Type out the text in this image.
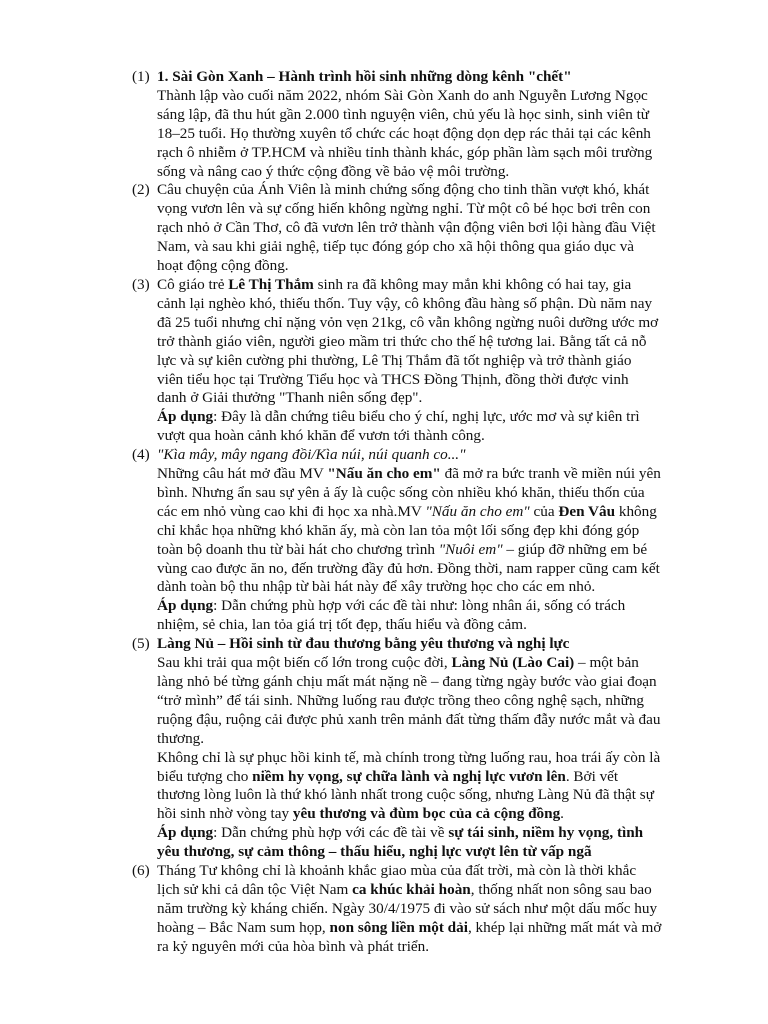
(1) 1. Sài Gòn Xanh – Hành trình hồi sinh những dòng kênh "chết"
Thành lập vào cuối năm 2022, nhóm Sài Gòn Xanh do anh Nguyễn Lương Ngọc
sáng lập, đã thu hút gần 2.000 tình nguyện viên, chủ yếu là học sinh, sinh viên từ
18–25 tuổi. Họ thường xuyên tổ chức các hoạt động dọn dẹp rác thải tại các kênh
rạch ô nhiễm ở TP.HCM và nhiều tỉnh thành khác, góp phần làm sạch môi trường
sống và nâng cao ý thức cộng đồng về bảo vệ môi trường.
(2) Câu chuyện của Ánh Viên là minh chứng sống động cho tinh thần vượt khó, khát
vọng vươn lên và sự cống hiến không ngừng nghỉ. Từ một cô bé học bơi trên con
rạch nhỏ ở Cần Thơ, cô đã vươn lên trở thành vận động viên bơi lội hàng đầu Việt
Nam, và sau khi giải nghệ, tiếp tục đóng góp cho xã hội thông qua giáo dục và
hoạt động cộng đồng.
(3) Cô giáo trẻ Lê Thị Thắm sinh ra đã không may mắn khi không có hai tay, gia
cảnh lại nghèo khó, thiếu thốn. Tuy vậy, cô không đầu hàng số phận. Dù năm nay
đã 25 tuổi nhưng chỉ nặng vỏn vẹn 21kg, cô vẫn không ngừng nuôi dưỡng ước mơ
trở thành giáo viên, người gieo mầm tri thức cho thế hệ tương lai. Bằng tất cả nỗ
lực và sự kiên cường phi thường, Lê Thị Thắm đã tốt nghiệp và trở thành giáo
viên tiểu học tại Trường Tiểu học và THCS Đồng Thịnh, đồng thời được vinh
danh ở Giải thưởng "Thanh niên sống đẹp".
Áp dụng: Đây là dẫn chứng tiêu biểu cho ý chí, nghị lực, ước mơ và sự kiên trì
vượt qua hoàn cảnh khó khăn để vươn tới thành công.
(4) "Kìa mây, mây ngang đồi/Kìa núi, núi quanh co..."
Những câu hát mở đầu MV "Nấu ăn cho em" đã mở ra bức tranh về miền núi yên
bình. Nhưng ẩn sau sự yên ả ấy là cuộc sống còn nhiều khó khăn, thiếu thốn của
các em nhỏ vùng cao khi đi học xa nhà.MV "Nấu ăn cho em" của Đen Vâu không
chỉ khắc họa những khó khăn ấy, mà còn lan tỏa một lối sống đẹp khi đóng góp
toàn bộ doanh thu từ bài hát cho chương trình "Nuôi em" – giúp đỡ những em bé
vùng cao được ăn no, đến trường đầy đủ hơn. Đồng thời, nam rapper cũng cam kết
dành toàn bộ thu nhập từ bài hát này để xây trường học cho các em nhỏ.
Áp dụng: Dẫn chứng phù hợp với các đề tài như: lòng nhân ái, sống có trách
nhiệm, sẻ chia, lan tỏa giá trị tốt đẹp, thấu hiểu và đồng cảm.
(5) Làng Nủ – Hồi sinh từ đau thương bằng yêu thương và nghị lực
Sau khi trải qua một biến cố lớn trong cuộc đời, Làng Nủ (Lào Cai) – một bản
làng nhỏ bé từng gánh chịu mất mát nặng nề – đang từng ngày bước vào giai đoạn
“trở mình” để tái sinh. Những luống rau được trồng theo công nghệ sạch, những
ruộng đậu, ruộng cải được phủ xanh trên mảnh đất từng thấm đẫy nước mắt và đau
thương.
Không chỉ là sự phục hồi kinh tế, mà chính trong từng luống rau, hoa trái ấy còn là
biểu tượng cho niềm hy vọng, sự chữa lành và nghị lực vươn lên. Bởi vết
thương lòng luôn là thứ khó lành nhất trong cuộc sống, nhưng Làng Nủ đã thật sự
hồi sinh nhờ vòng tay yêu thương và đùm bọc của cả cộng đồng.
Áp dụng: Dẫn chứng phù hợp với các đề tài về sự tái sinh, niềm hy vọng, tình
yêu thương, sự cảm thông – thấu hiểu, nghị lực vượt lên từ vấp ngã
(6) Tháng Tư không chỉ là khoảnh khắc giao mùa của đất trời, mà còn là thời khắc
lịch sử khi cả dân tộc Việt Nam ca khúc khải hoàn, thống nhất non sông sau bao
năm trường kỳ kháng chiến. Ngày 30/4/1975 đi vào sử sách như một dấu mốc huy
hoàng – Bắc Nam sum họp, non sông liền một dải, khép lại những mất mát và mở
ra kỷ nguyên mới của hòa bình và phát triển.
